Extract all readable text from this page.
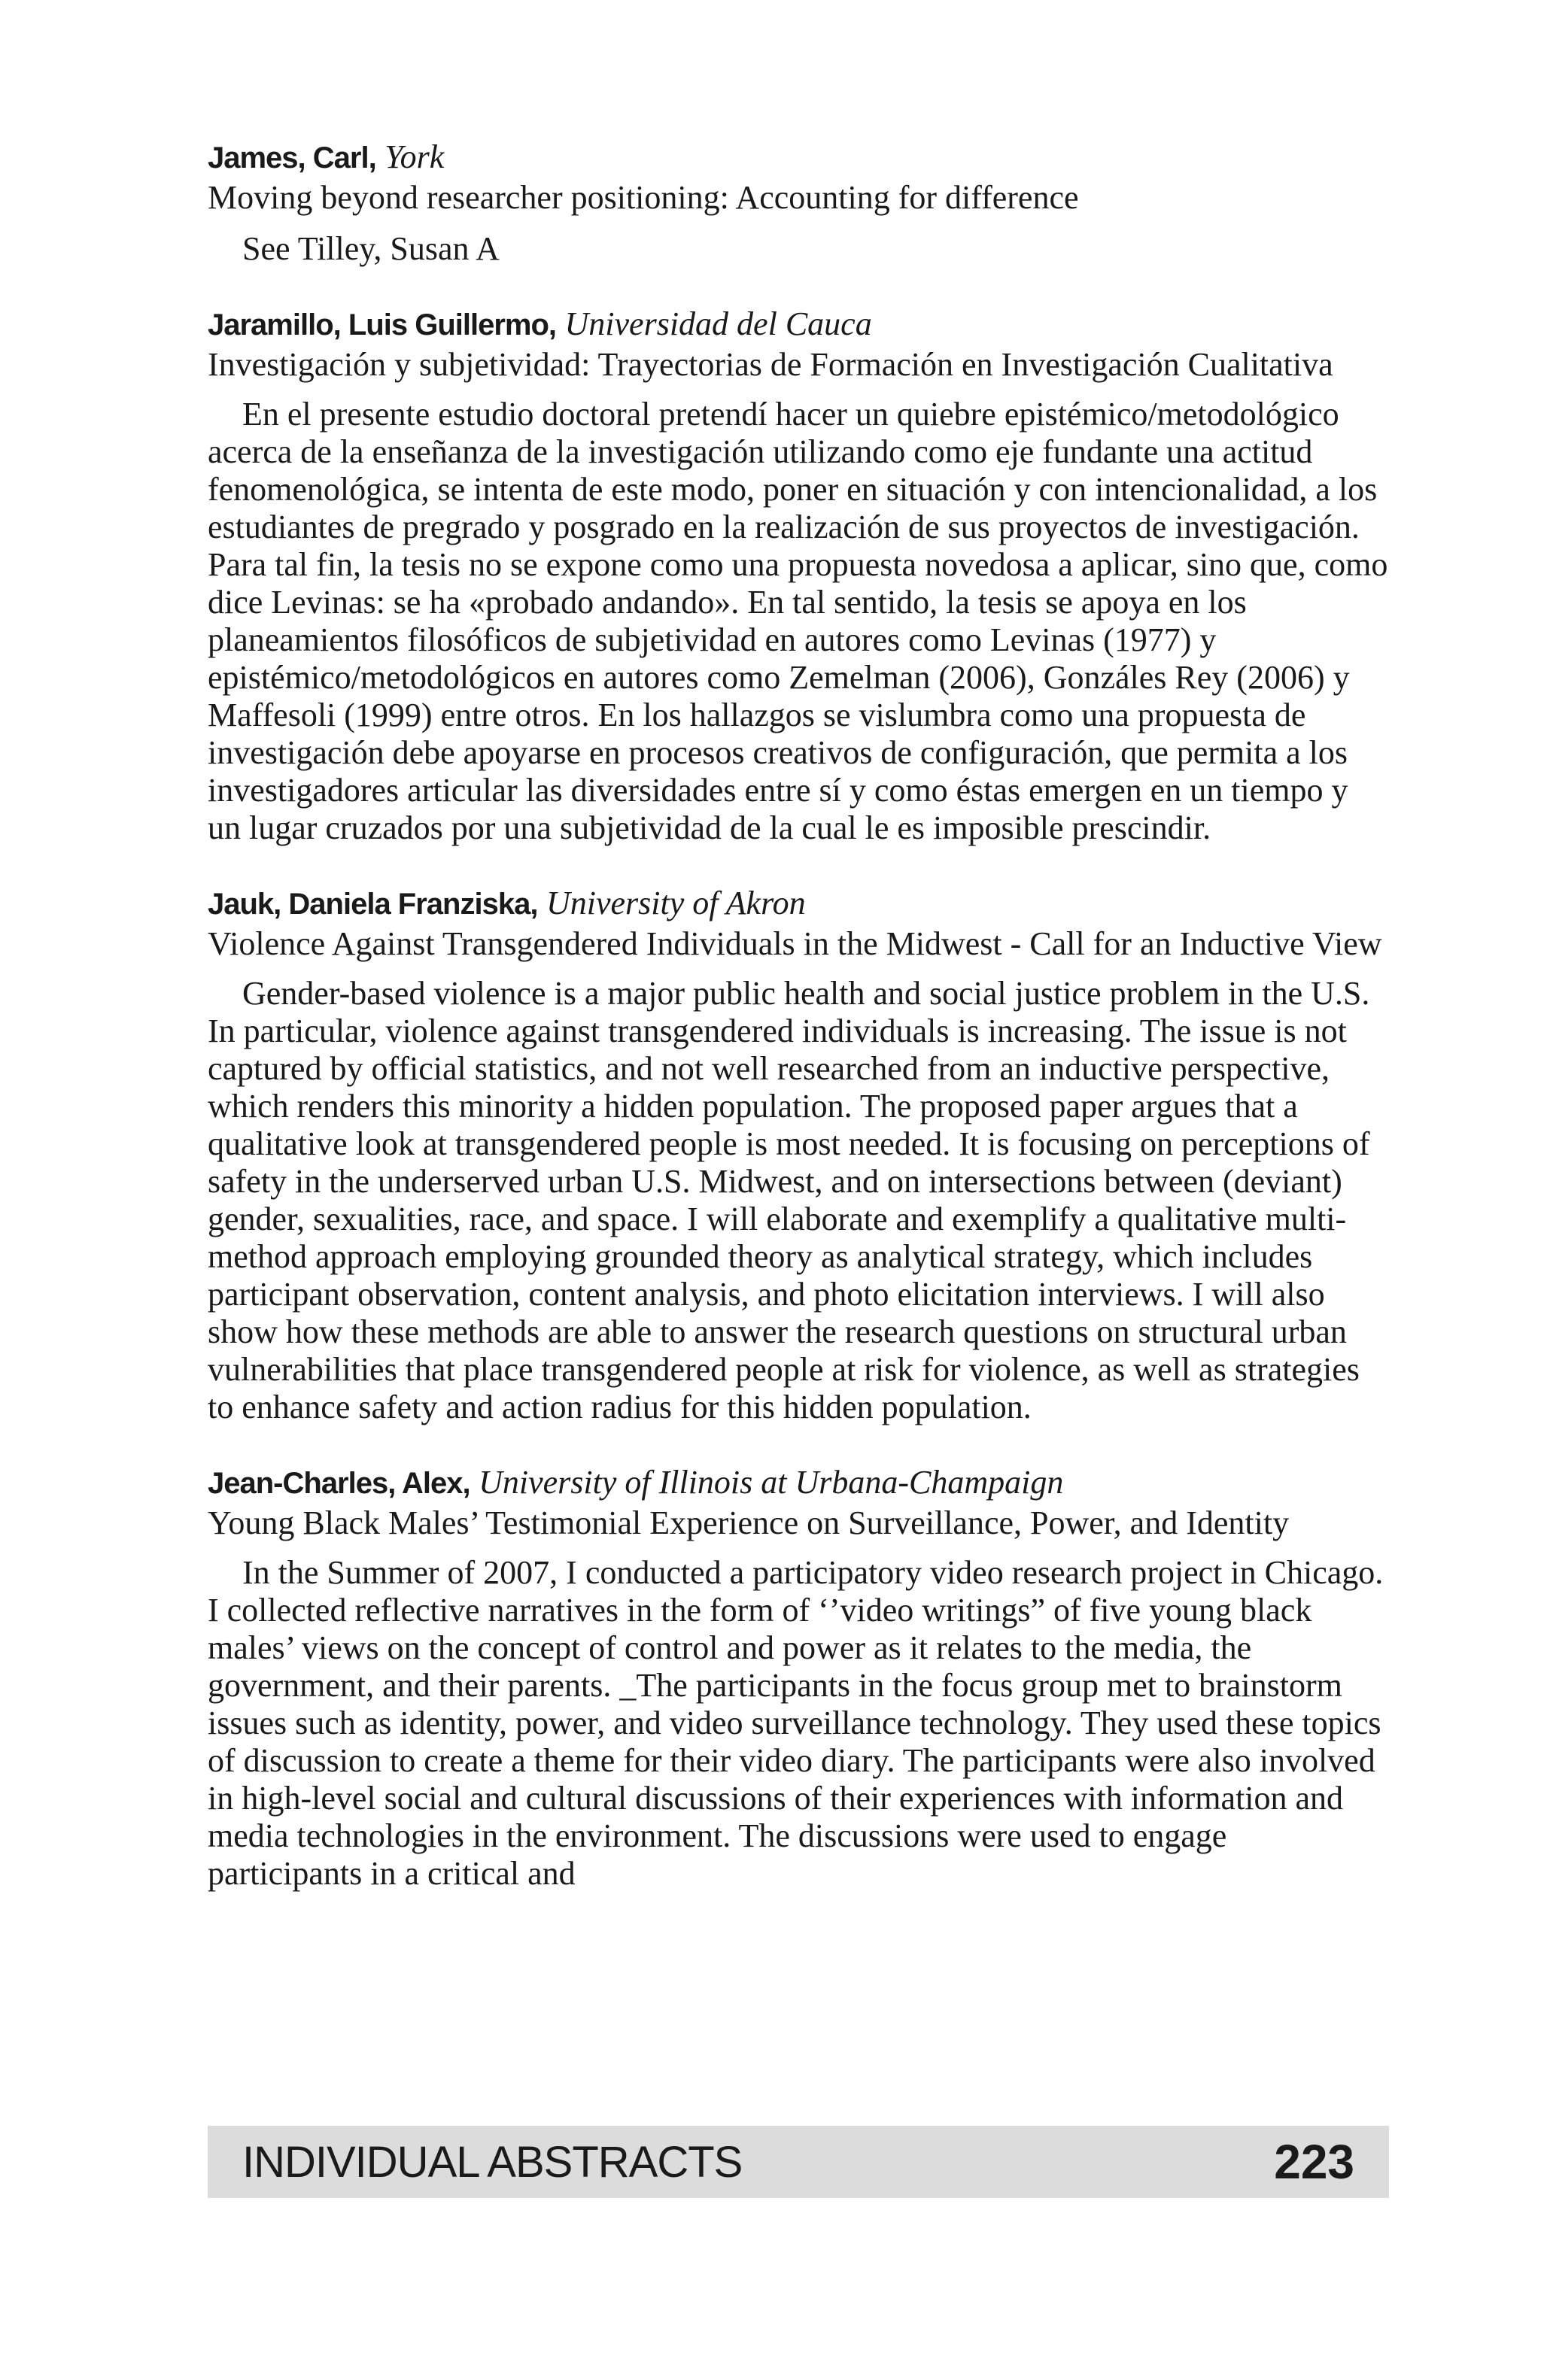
James, Carl, York
Moving beyond researcher positioning: Accounting for difference
See Tilley, Susan A
Jaramillo, Luis Guillermo, Universidad del Cauca
Investigación y subjetividad: Trayectorias de Formación en Investigación Cualitativa
En el presente estudio doctoral pretendí hacer un quiebre epistémico/metodológico acerca de la enseñanza de la investigación utilizando como eje fundante una actitud fenomenológica, se intenta de este modo, poner en situación y con intencionalidad, a los estudiantes de pregrado y posgrado en la realización de sus proyectos de investigación. Para tal fin, la tesis no se expone como una propuesta novedosa a aplicar, sino que, como dice Levinas: se ha «probado andando». En tal sentido, la tesis se apoya en los planeamientos filosóficos de subjetividad en autores como Levinas (1977) y epistémico/metodológicos en autores como Zemelman (2006), Gonzáles Rey (2006) y Maffesoli (1999) entre otros. En los hallazgos se vislumbra como una propuesta de investigación debe apoyarse en procesos creativos de configuración, que permita a los investigadores articular las diversidades entre sí y como éstas emergen en un tiempo y un lugar cruzados por una subjetividad de la cual le es imposible prescindir.
Jauk, Daniela Franziska, University of Akron
Violence Against Transgendered Individuals in the Midwest - Call for an Inductive View
Gender-based violence is a major public health and social justice problem in the U.S. In particular, violence against transgendered individuals is increasing. The issue is not captured by official statistics, and not well researched from an inductive perspective, which renders this minority a hidden population. The proposed paper argues that a qualitative look at transgendered people is most needed. It is focusing on perceptions of safety in the underserved urban U.S. Midwest, and on intersections between (deviant) gender, sexualities, race, and space. I will elaborate and exemplify a qualitative multi-method approach employing grounded theory as analytical strategy, which includes participant observation, content analysis, and photo elicitation interviews. I will also show how these methods are able to answer the research questions on structural urban vulnerabilities that place transgendered people at risk for violence, as well as strategies to enhance safety and action radius for this hidden population.
Jean-Charles, Alex, University of Illinois at Urbana-Champaign
Young Black Males’ Testimonial Experience on Surveillance, Power, and Identity
In the Summer of 2007, I conducted a participatory video research project in Chicago. I collected reflective narratives in the form of ‘’video writings” of five young black males’ views on the concept of control and power as it relates to the media, the government, and their parents. _The participants in the focus group met to brainstorm issues such as identity, power, and video surveillance technology. They used these topics of discussion to create a theme for their video diary. The participants were also involved in high-level social and cultural discussions of their experiences with information and media technologies in the environment. The discussions were used to engage participants in a critical and
INDIVIDUAL ABSTRACTS	223
